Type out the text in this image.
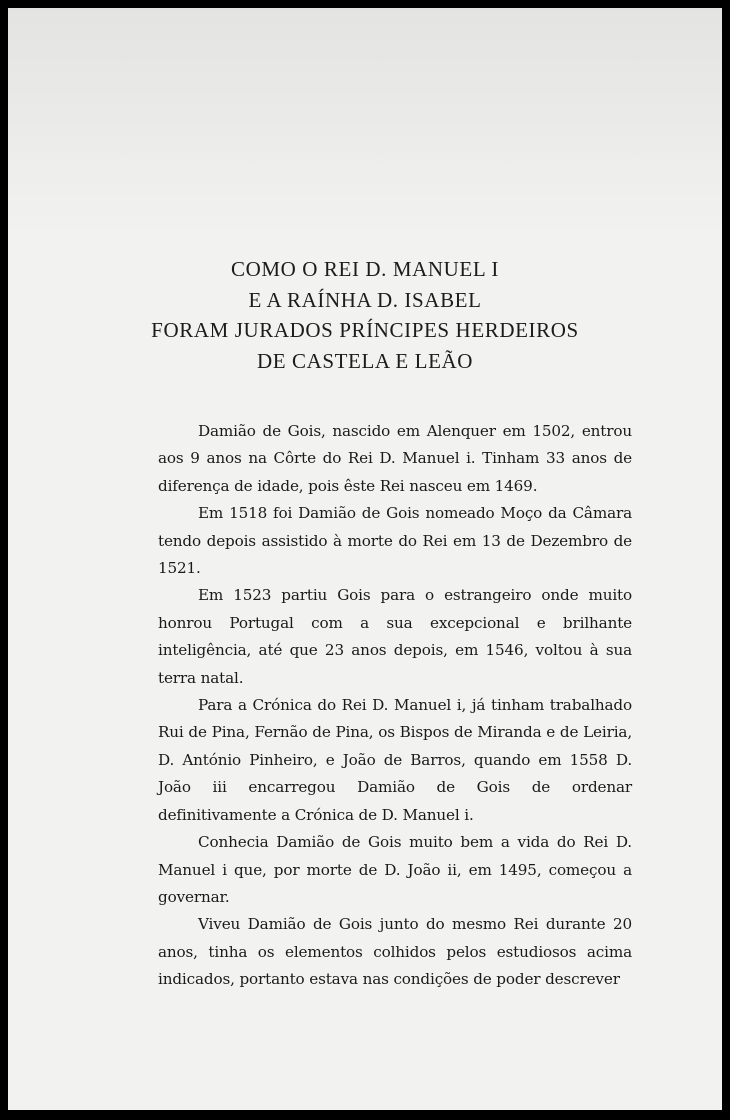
COMO O REI D. MANUEL I
E A RAÍNHA D. ISABEL
FORAM JURADOS PRÍNCIPES HERDEIROS
DE CASTELA E LEÃO

Damião de Gois, nascido em Alenquer em 1502, entrou aos 9 anos na Côrte do Rei D. Manuel i. Tinham 33 anos de diferença de idade, pois êste Rei nasceu em 1469.

Em 1518 foi Damião de Gois nomeado Moço da Câmara tendo depois assistido à morte do Rei em 13 de Dezembro de 1521.

Em 1523 partiu Gois para o estrangeiro onde muito honrou Portugal com a sua excepcional e brilhante inteligência, até que 23 anos depois, em 1546, voltou à sua terra natal.

Para a Crónica do Rei D. Manuel i, já tinham trabalhado Rui de Pina, Fernão de Pina, os Bispos de Miranda e de Leiria, D. António Pinheiro, e João de Barros, quando em 1558 D. João iii encarregou Damião de Gois de ordenar definitivamente a Crónica de D. Manuel i.

Conhecia Damião de Gois muito bem a vida do Rei D. Manuel i que, por morte de D. João ii, em 1495, começou a governar.

Viveu Damião de Gois junto do mesmo Rei durante 20 anos, tinha os elementos colhidos pelos estudiosos acima indicados, portanto estava nas condições de poder descrever
